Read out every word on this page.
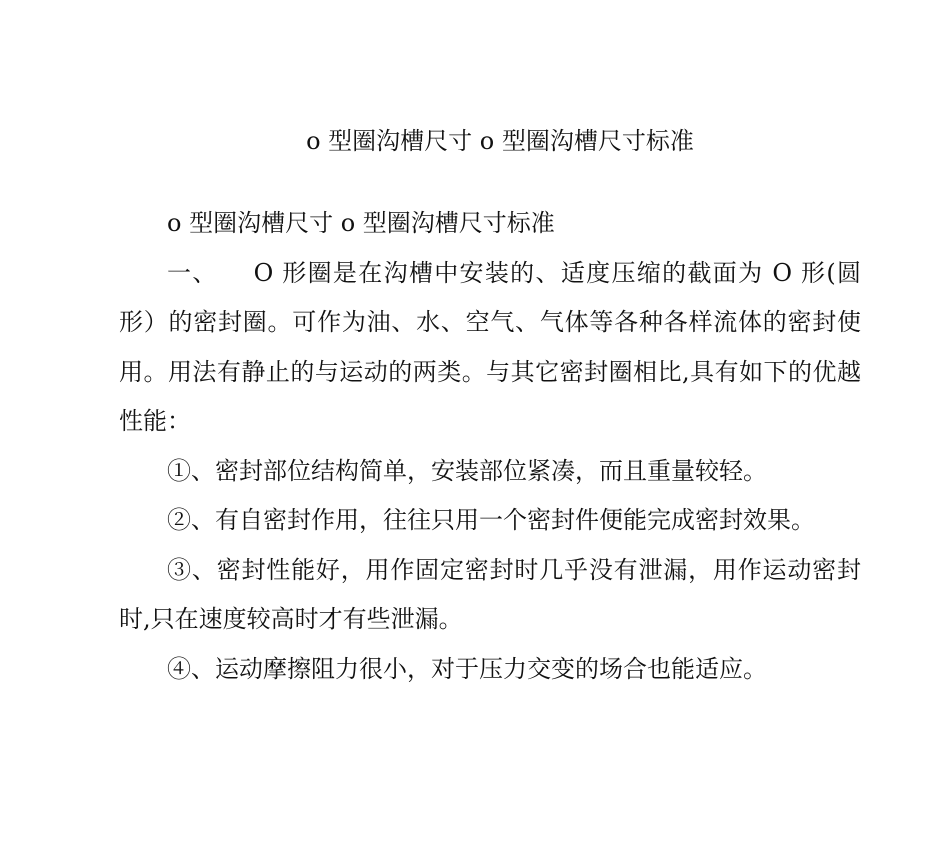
o 型圈沟槽尺寸 o 型圈沟槽尺寸标准

o 型圈沟槽尺寸 o 型圈沟槽尺寸标准

一、 O 形圈是在沟槽中安装的、适度压缩的截面为 O 形(圆形）的密封圈。可作为油、水、空气、气体等各种各样流体的密封使用。用法有静止的与运动的两类。与其它密封圈相比,具有如下的优越性能：

①、密封部位结构简单，安装部位紧凑，而且重量较轻。

②、有自密封作用，往往只用一个密封件便能完成密封效果。

③、密封性能好，用作固定密封时几乎没有泄漏，用作运动密封时,只在速度较高时才有些泄漏。

④、运动摩擦阻力很小，对于压力交变的场合也能适应。
